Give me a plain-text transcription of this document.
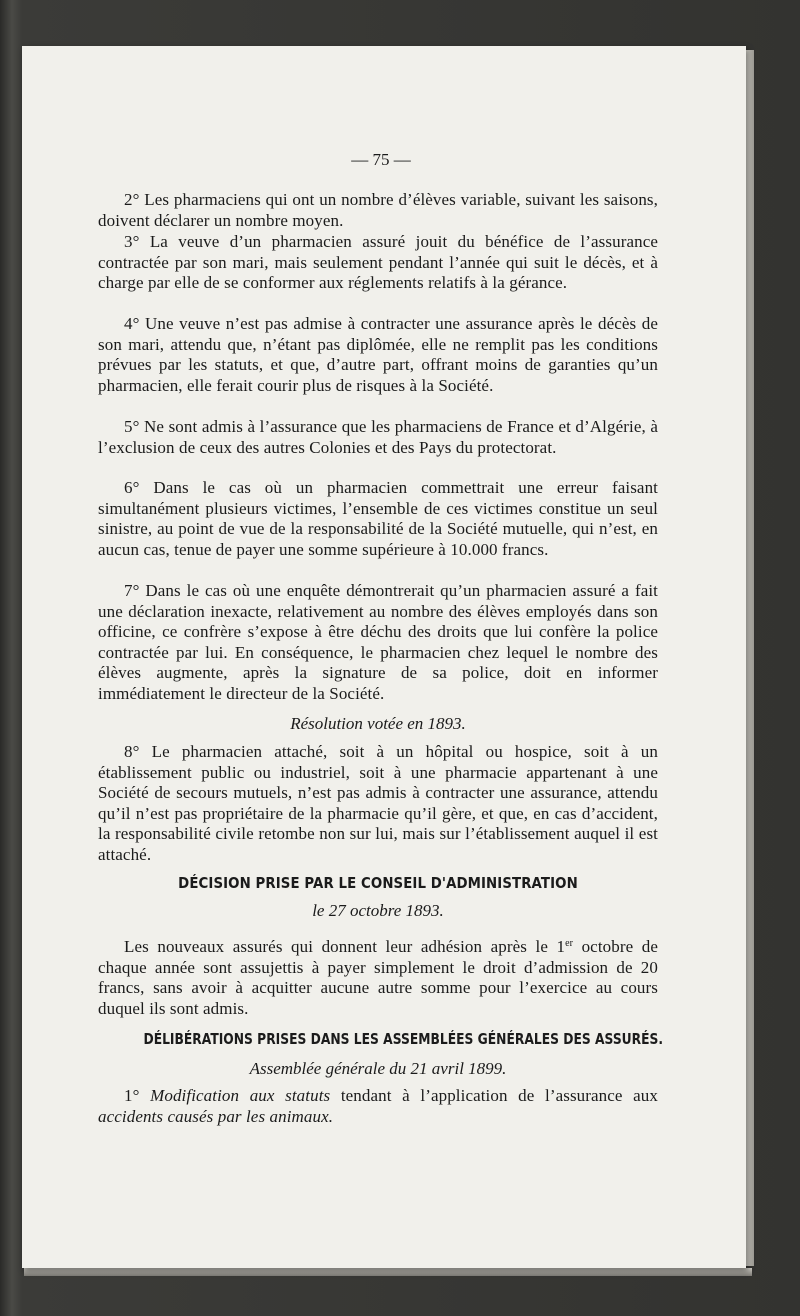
— 75 —

2° Les pharmaciens qui ont un nombre d’élèves variable, suivant les saisons, doivent déclarer un nombre moyen.

3° La veuve d’un pharmacien assuré jouit du bénéfice de l’assurance contractée par son mari, mais seulement pendant l’année qui suit le décès, et à charge par elle de se conformer aux réglements relatifs à la gérance.

4° Une veuve n’est pas admise à contracter une assurance après le décès de son mari, attendu que, n’étant pas diplômée, elle ne remplit pas les conditions prévues par les statuts, et que, d’autre part, offrant moins de garanties qu’un pharmacien, elle ferait courir plus de risques à la Société.

5° Ne sont admis à l’assurance que les pharmaciens de France et d’Algérie, à l’exclusion de ceux des autres Colonies et des Pays du protectorat.

6° Dans le cas où un pharmacien commettrait une erreur faisant simultanément plusieurs victimes, l’ensemble de ces victimes constitue un seul sinistre, au point de vue de la responsabilité de la Société mutuelle, qui n’est, en aucun cas, tenue de payer une somme supérieure à 10.000 francs.

7° Dans le cas où une enquête démontrerait qu’un pharmacien assuré a fait une déclaration inexacte, relativement au nombre des élèves employés dans son officine, ce confrère s’expose à être déchu des droits que lui confère la police contractée par lui. En conséquence, le pharmacien chez lequel le nombre des élèves augmente, après la signature de sa police, doit en informer immédiatement le directeur de la Société.

Résolution votée en 1893.

8° Le pharmacien attaché, soit à un hôpital ou hospice, soit à un établissement public ou industriel, soit à une pharmacie appartenant à une Société de secours mutuels, n’est pas admis à contracter une assurance, attendu qu’il n’est pas propriétaire de la pharmacie qu’il gère, et que, en cas d’accident, la responsabilité civile retombe non sur lui, mais sur l’établissement auquel il est attaché.

DÉCISION PRISE PAR LE CONSEIL D'ADMINISTRATION
le 27 octobre 1893.

Les nouveaux assurés qui donnent leur adhésion après le 1er octobre de chaque année sont assujettis à payer simplement le droit d’admission de 20 francs, sans avoir à acquitter aucune autre somme pour l’exercice au cours duquel ils sont admis.

DÉLIBÉRATIONS PRISES DANS LES ASSEMBLÉES GÉNÉRALES DES ASSURÉS.
Assemblée générale du 21 avril 1899.

1° Modification aux statuts tendant à l’application de l’assurance aux accidents causés par les animaux.
